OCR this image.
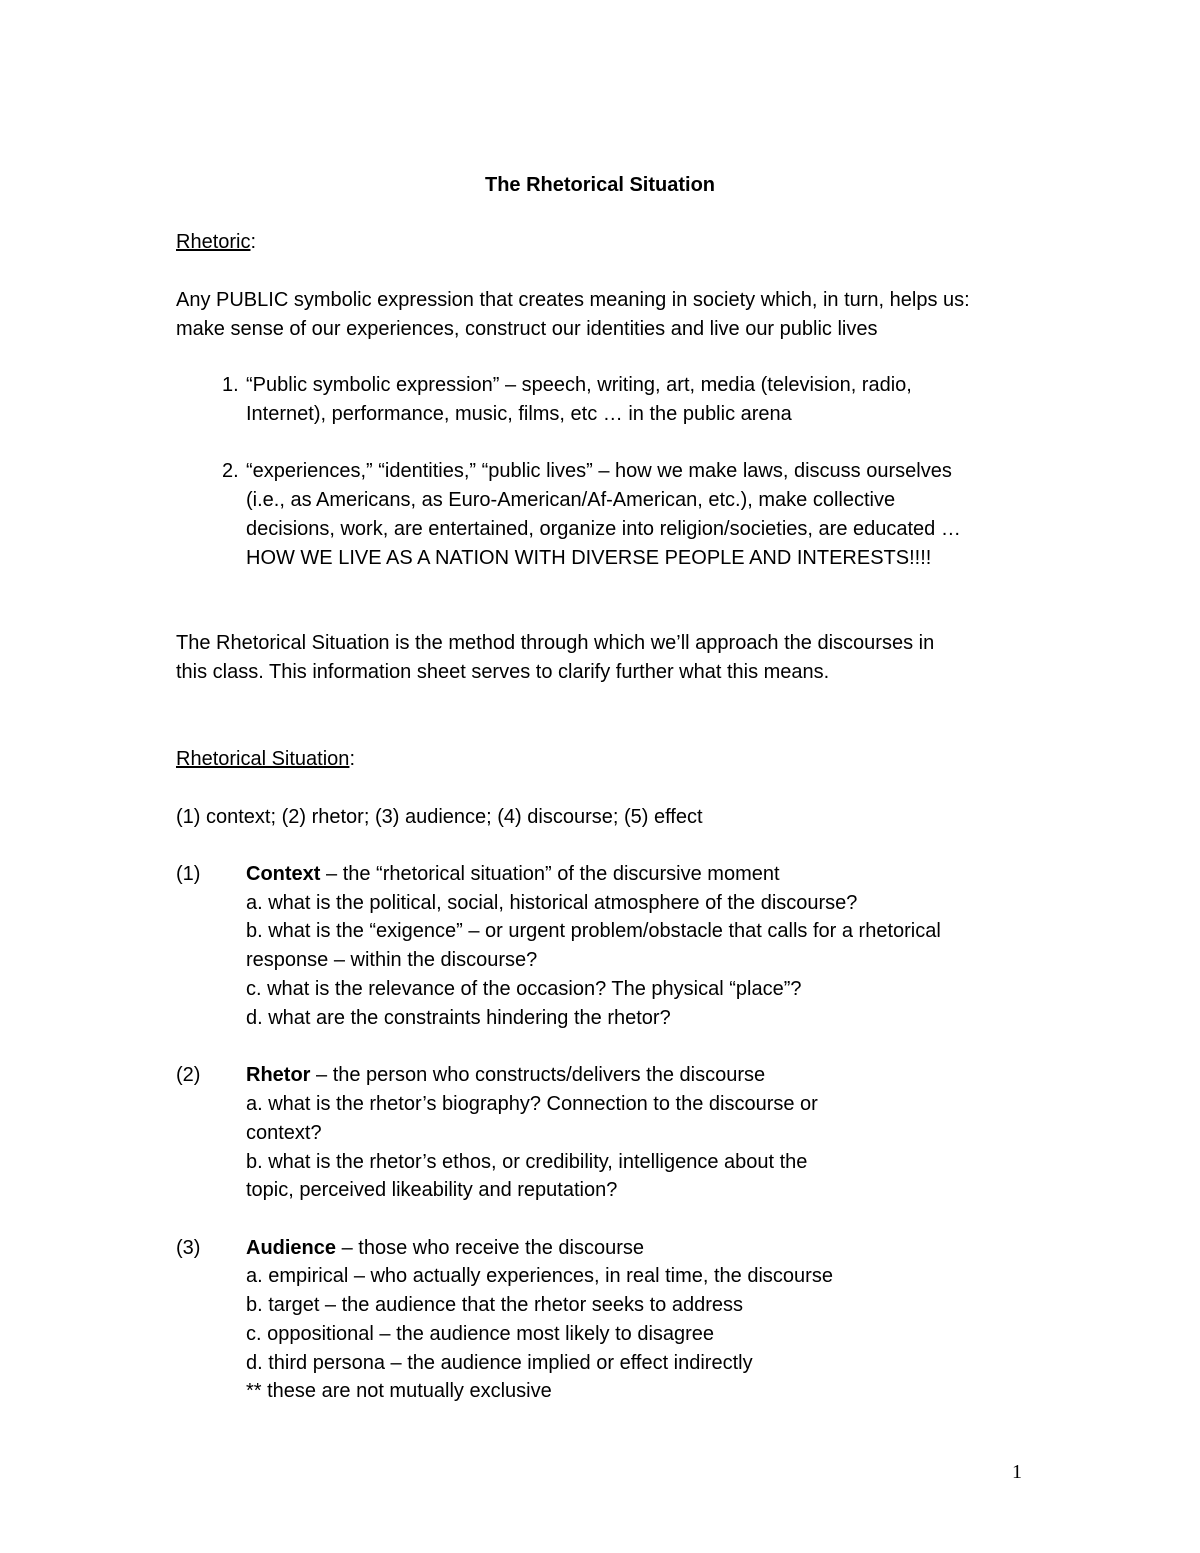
The Rhetorical Situation
Rhetoric:
Any PUBLIC symbolic expression that creates meaning in society which, in turn, helps us:
make sense of our experiences, construct our identities and live our public lives
1. “Public symbolic expression” – speech, writing, art, media (television, radio,
Internet), performance, music, films, etc … in the public arena
2. “experiences,” “identities,” “public lives” – how we make laws, discuss ourselves
(i.e., as Americans, as Euro-American/Af-American, etc.), make collective
decisions, work, are entertained, organize into religion/societies, are educated …
HOW WE LIVE AS A NATION WITH DIVERSE PEOPLE AND INTERESTS!!!!
The Rhetorical Situation is the method through which we’ll approach the discourses in
this class. This information sheet serves to clarify further what this means.
Rhetorical Situation:
(1) context; (2) rhetor; (3) audience; (4) discourse; (5) effect
(1) Context – the “rhetorical situation” of the discursive moment
a. what is the political, social, historical atmosphere of the discourse?
b. what is the “exigence” – or urgent problem/obstacle that calls for a rhetorical
response – within the discourse?
c. what is the relevance of the occasion? The physical “place”?
d. what are the constraints hindering the rhetor?
(2) Rhetor – the person who constructs/delivers the discourse
a. what is the rhetor’s biography? Connection to the discourse or
context?
b. what is the rhetor’s ethos, or credibility, intelligence about the
topic, perceived likeability and reputation?
(3) Audience – those who receive the discourse
a. empirical – who actually experiences, in real time, the discourse
b. target – the audience that the rhetor seeks to address
c. oppositional – the audience most likely to disagree
d. third persona – the audience implied or effect indirectly
** these are not mutually exclusive
1
